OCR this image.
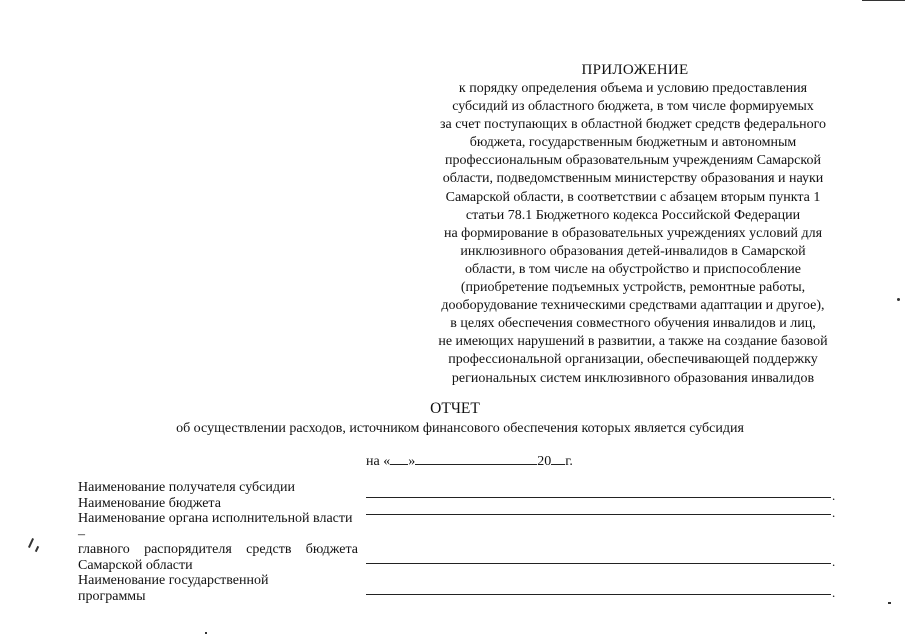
ПРИЛОЖЕНИЕ
к порядку определения объема и условию предоставления
субсидий из областного бюджета, в том числе формируемых
за счет поступающих в областной бюджет средств федерального
бюджета, государственным бюджетным и автономным
профессиональным образовательным учреждениям Самарской
области, подведомственным министерству образования и науки
Самарской области, в соответствии с абзацем вторым пункта 1
статьи 78.1 Бюджетного кодекса Российской Федерации
на формирование в образовательных учреждениях условий для
инклюзивного образования детей-инвалидов в Самарской
области, в том числе на обустройство и приспособление
(приобретение подъемных устройств, ремонтные работы,
дооборудование техническими средствами адаптации и другое),
в целях обеспечения совместного обучения инвалидов и лиц,
не имеющих нарушений в развитии, а также на создание базовой
профессиональной организации, обеспечивающей поддержку
региональных систем инклюзивного образования инвалидов
ОТЧЕТ
об осуществлении расходов, источником финансового обеспечения которых является субсидия
на « »	20 г.
Наименование получателя субсидии
Наименование бюджета
Наименование органа исполнительной власти –
главного распорядителя средств бюджета
Самарской области
Наименование государственной
программы
.
.
.
.
